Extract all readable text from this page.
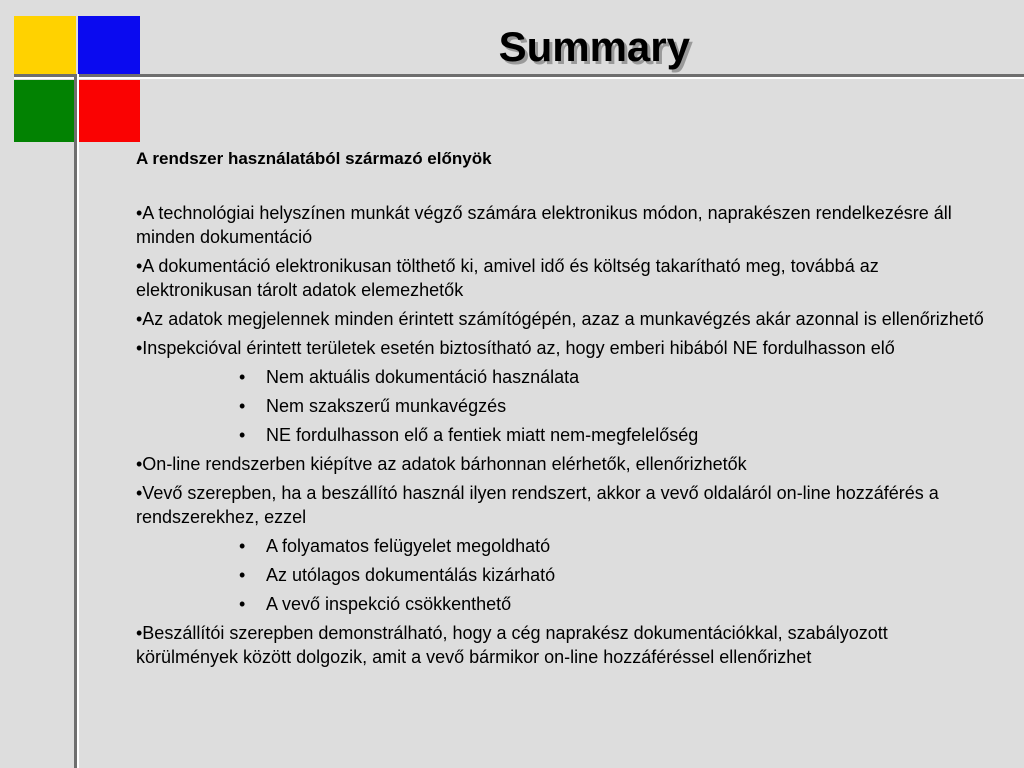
Summary
A rendszer használatából származó előnyök
•A technológiai helyszínen munkát végző számára elektronikus módon, naprakészen rendelkezésre áll minden dokumentáció
•A dokumentáció elektronikusan tölthető ki, amivel idő és költség takarítható meg, továbbá az elektronikusan tárolt adatok elemezhetők
•Az adatok megjelennek minden érintett számítógépén, azaz a munkavégzés akár azonnal is ellenőrizhető
•Inspekcióval érintett területek esetén biztosítható az, hogy emberi hibából NE fordulhasson elő
• Nem aktuális dokumentáció használata
• Nem szakszerű munkavégzés
• NE fordulhasson elő a fentiek miatt nem-megfelelőség
•On-line rendszerben kiépítve az adatok bárhonnan elérhetők, ellenőrizhetők
•Vevő szerepben, ha a beszállító használ ilyen rendszert, akkor a vevő oldaláról on-line hozzáférés a rendszerekhez, ezzel
• A folyamatos felügyelet megoldható
• Az utólagos dokumentálás kizárható
• A vevő inspekció csökkenthető
•Beszállítói szerepben demonstrálható, hogy a cég naprakész dokumentációkkal, szabályozott körülmények között dolgozik, amit a vevő bármikor on-line hozzáféréssel ellenőrizhet
